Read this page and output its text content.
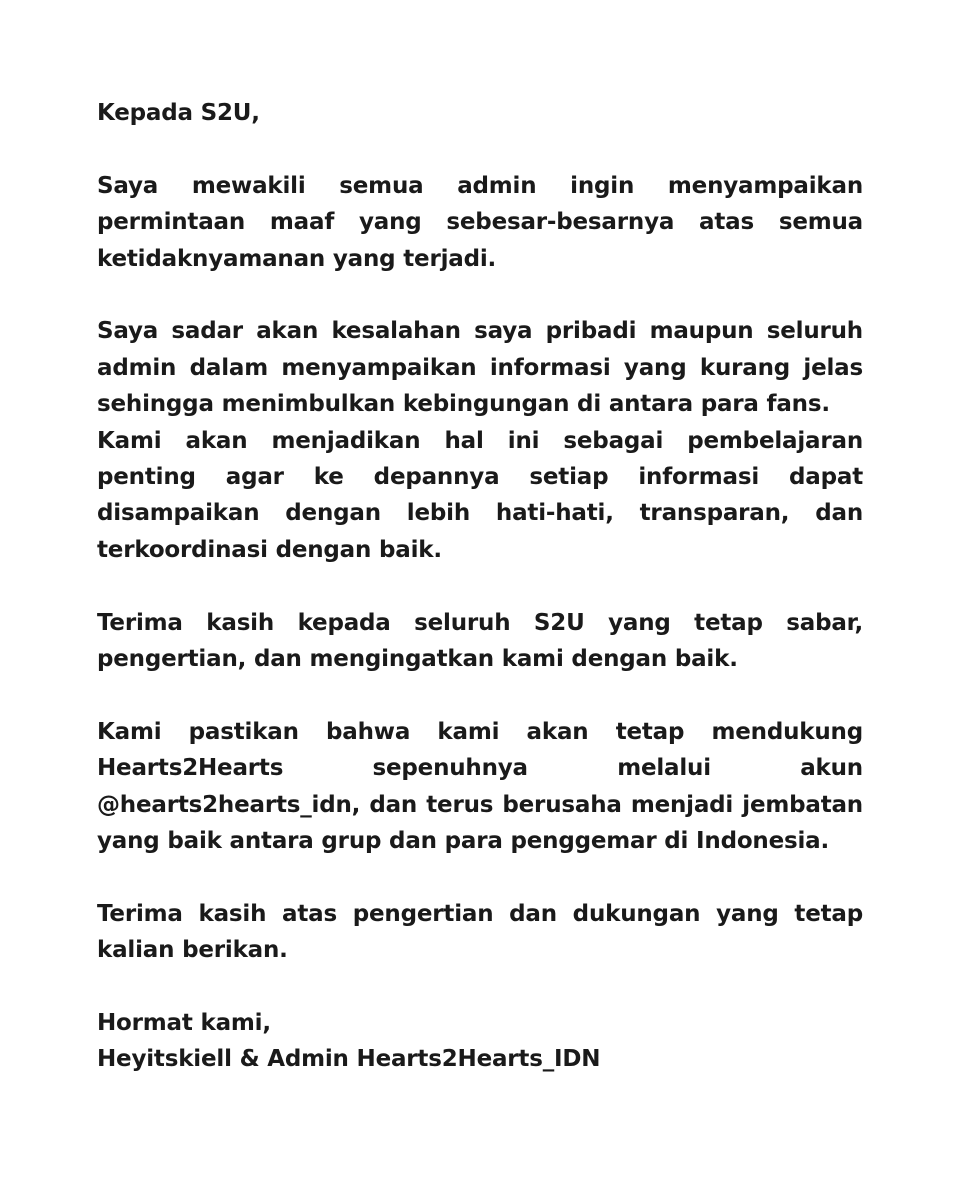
Kepada S2U,

Saya mewakili semua admin ingin menyampaikan permintaan maaf yang sebesar-besarnya atas semua ketidaknyamanan yang terjadi.

Saya sadar akan kesalahan saya pribadi maupun seluruh admin dalam menyampaikan informasi yang kurang jelas sehingga menimbulkan kebingungan di antara para fans.

Kami akan menjadikan hal ini sebagai pembelajaran penting agar ke depannya setiap informasi dapat disampaikan dengan lebih hati-hati, transparan, dan terkoordinasi dengan baik.

Terima kasih kepada seluruh S2U yang tetap sabar, pengertian, dan mengingatkan kami dengan baik.

Kami pastikan bahwa kami akan tetap mendukung Hearts2Hearts sepenuhnya melalui akun @hearts2hearts_idn, dan terus berusaha menjadi jembatan yang baik antara grup dan para penggemar di Indonesia.

Terima kasih atas pengertian dan dukungan yang tetap kalian berikan.

Hormat kami,

Heyitskiell & Admin Hearts2Hearts_IDN
